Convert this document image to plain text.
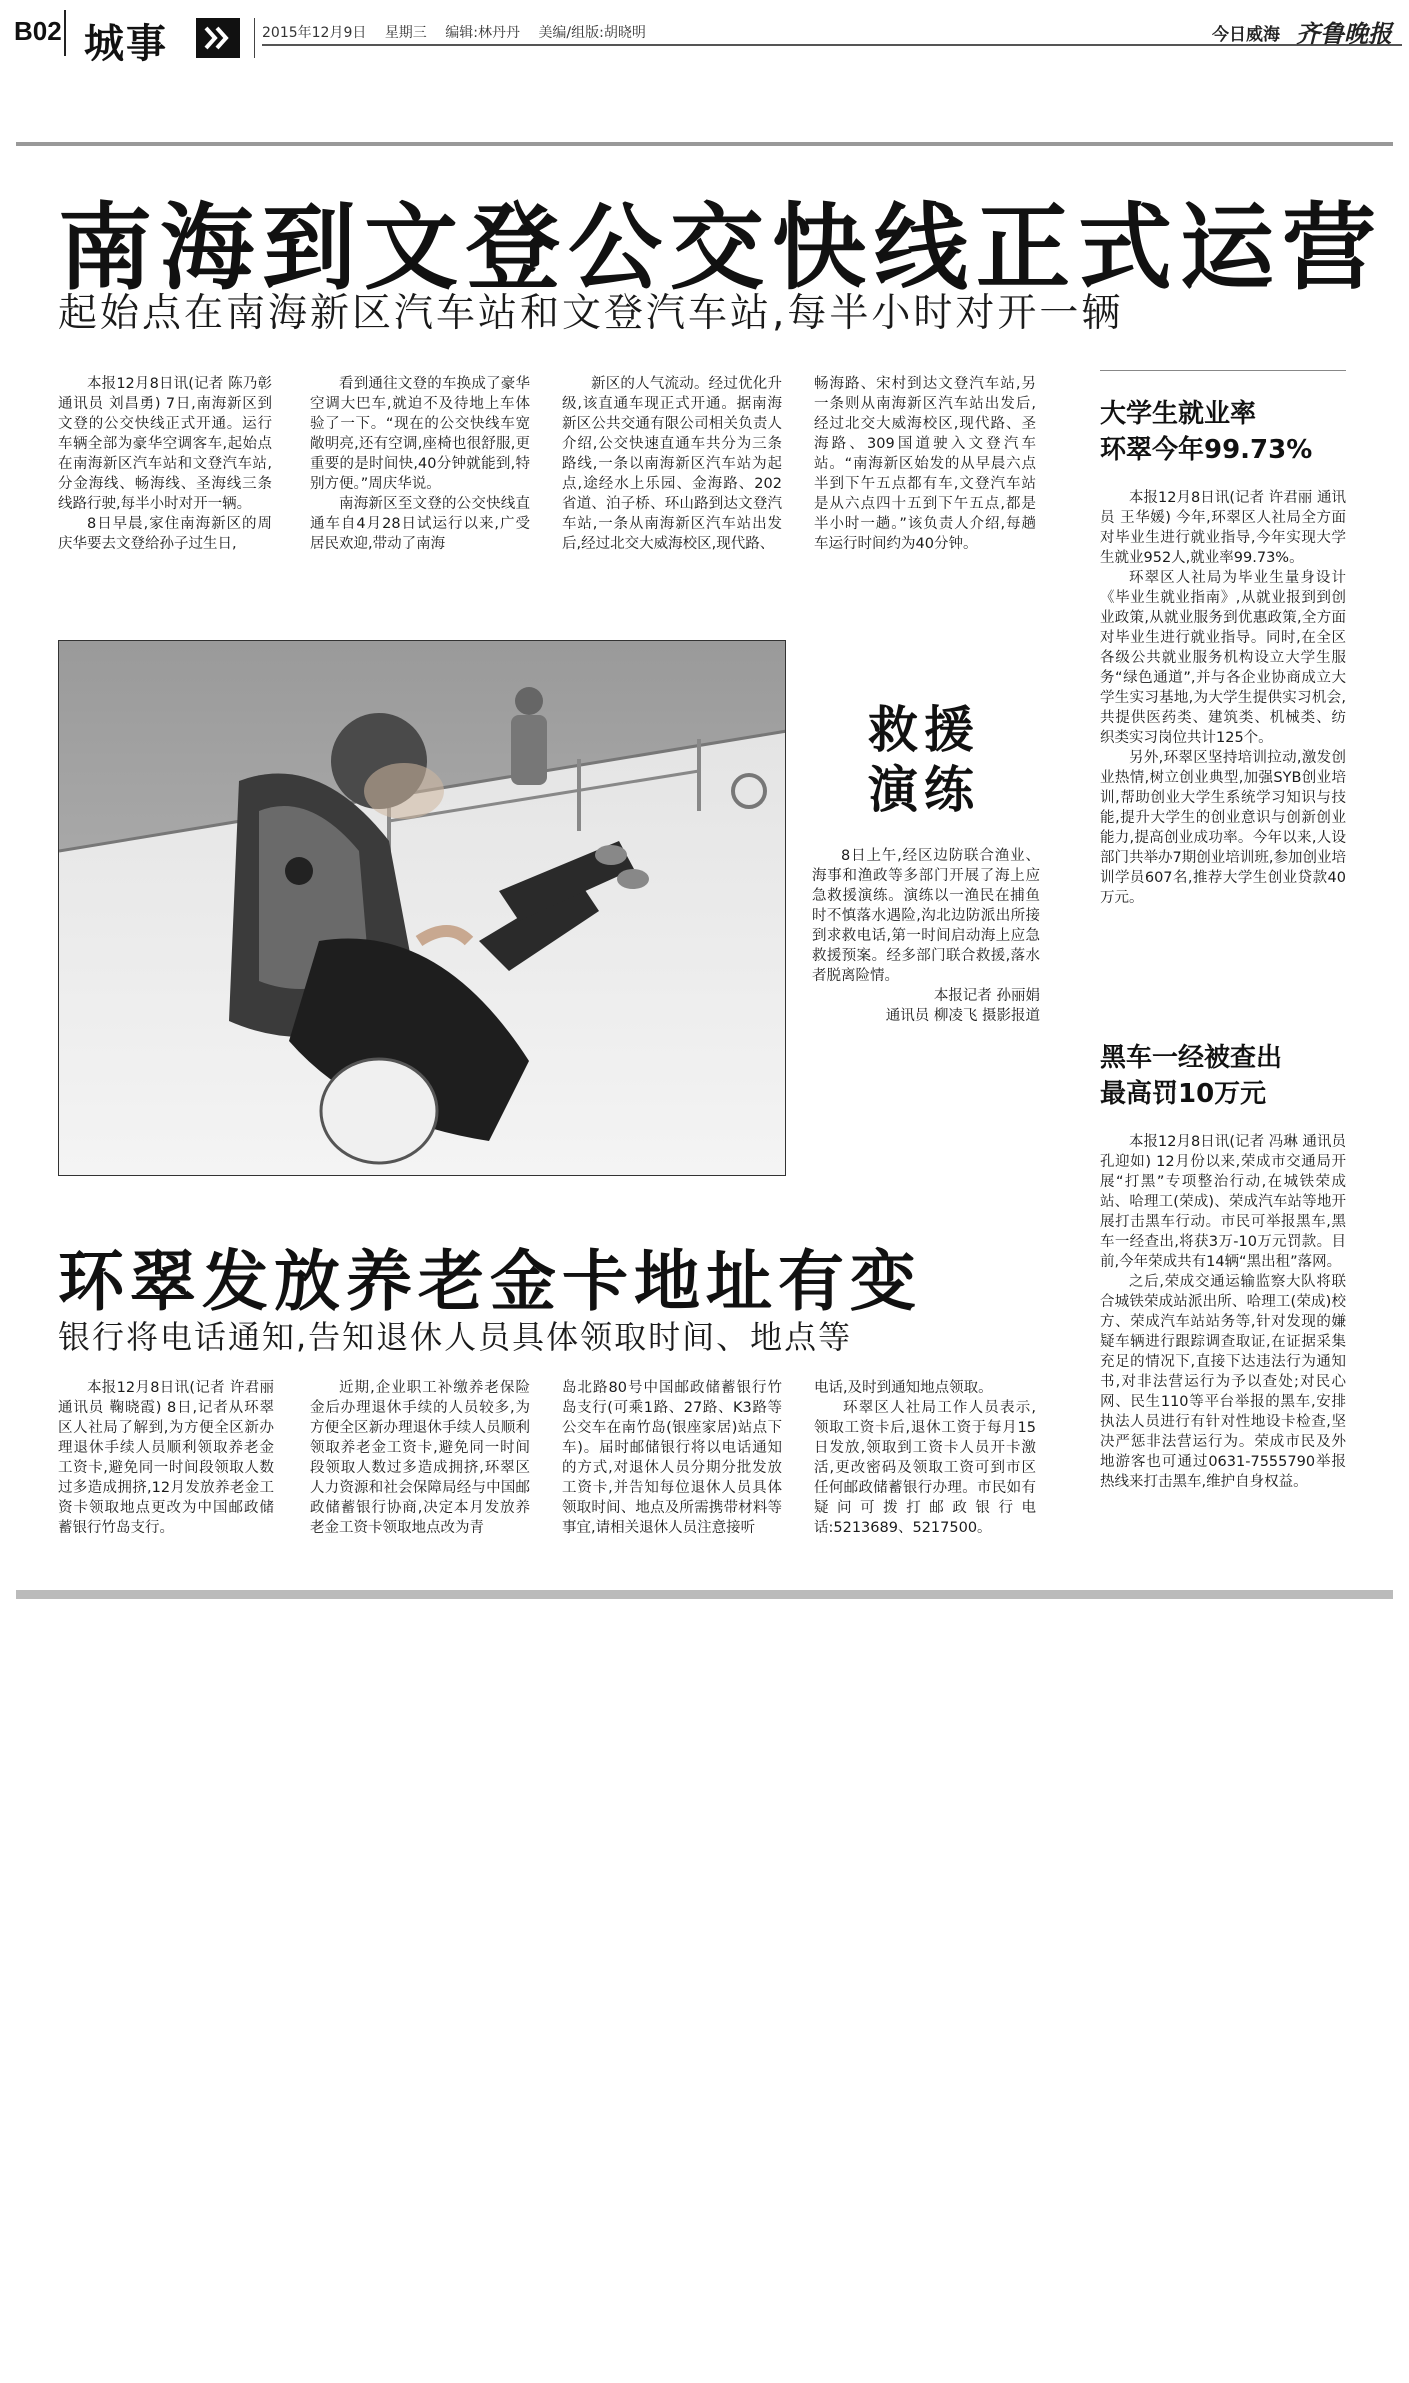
B02 城事	2015年12月9日 星期三 编辑:林丹丹 美编/组版:胡晓明	今日威海 齐鲁晚报
南海到文登公交快线正式运营
起始点在南海新区汽车站和文登汽车站,每半小时对开一辆

本报12月8日讯(记者 陈乃彰 通讯员 刘昌勇) 7日,南海新区到文登的公交快线正式开通。运行车辆全部为豪华空调客车,起始点在南海新区汽车站和文登汽车站,分金海线、畅海线、圣海线三条线路行驶,每半小时对开一辆。

8日早晨,家住南海新区的周庆华要去文登给孙子过生日,

看到通往文登的车换成了豪华空调大巴车,就迫不及待地上车体验了一下。“现在的公交快线车宽敞明亮,还有空调,座椅也很舒服,更重要的是时间快,40分钟就能到,特别方便。”周庆华说。

南海新区至文登的公交快线直通车自4月28日试运行以来,广受居民欢迎,带动了南海

新区的人气流动。经过优化升级,该直通车现正式开通。据南海新区公共交通有限公司相关负责人介绍,公交快速直通车共分为三条路线,一条以南海新区汽车站为起点,途经水上乐园、金海路、202省道、泊子桥、环山路到达文登汽车站,一条从南海新区汽车站出发后,经过北交大威海校区,现代路、

畅海路、宋村到达文登汽车站,另一条则从南海新区汽车站出发后,经过北交大威海校区,现代路、圣海路、309国道驶入文登汽车站。“南海新区始发的从早晨六点半到下午五点都有车,文登汽车站是从六点四十五到下午五点,都是半小时一趟。”该负责人介绍,每趟车运行时间约为40分钟。

救援
演练
8日上午,经区边防联合渔业、海事和渔政等多部门开展了海上应急救援演练。演练以一渔民在捕鱼时不慎落水遇险,沟北边防派出所接到求救电话,第一时间启动海上应急救援预案。经多部门联合救援,落水者脱离险情。
本报记者 孙丽娟
通讯员 柳凌飞 摄影报道
大学生就业率
环翠今年99.73%

本报12月8日讯(记者 许君丽 通讯员 王华媛) 今年,环翠区人社局全方面对毕业生进行就业指导,今年实现大学生就业952人,就业率99.73%。

环翠区人社局为毕业生量身设计《毕业生就业指南》,从就业报到到创业政策,从就业服务到优惠政策,全方面对毕业生进行就业指导。同时,在全区各级公共就业服务机构设立大学生服务“绿色通道”,并与各企业协商成立大学生实习基地,为大学生提供实习机会,共提供医药类、建筑类、机械类、纺织类实习岗位共计125个。

另外,环翠区坚持培训拉动,激发创业热情,树立创业典型,加强SYB创业培训,帮助创业大学生系统学习知识与技能,提升大学生的创业意识与创新创业能力,提高创业成功率。今年以来,人设部门共举办7期创业培训班,参加创业培训学员607名,推荐大学生创业贷款40万元。

黑车一经被查出
最高罚10万元

本报12月8日讯(记者 冯琳 通讯员 孔迎如) 12月份以来,荣成市交通局开展“打黑”专项整治行动,在城铁荣成站、哈理工(荣成)、荣成汽车站等地开展打击黑车行动。市民可举报黑车,黑车一经查出,将获3万-10万元罚款。目前,今年荣成共有14辆“黑出租”落网。

之后,荣成交通运输监察大队将联合城铁荣成站派出所、哈理工(荣成)校方、荣成汽车站站务等,针对发现的嫌疑车辆进行跟踪调查取证,在证据采集充足的情况下,直接下达违法行为通知书,对非法营运行为予以查处;对民心网、民生110等平台举报的黑车,安排执法人员进行有针对性地设卡检查,坚决严惩非法营运行为。荣成市民及外地游客也可通过0631-7555790举报热线来打击黑车,维护自身权益。

环翠发放养老金卡地址有变
银行将电话通知,告知退休人员具体领取时间、地点等

本报12月8日讯(记者 许君丽 通讯员 鞠晓霞) 8日,记者从环翠区人社局了解到,为方便全区新办理退休手续人员顺利领取养老金工资卡,避免同一时间段领取人数过多造成拥挤,12月发放养老金工资卡领取地点更改为中国邮政储蓄银行竹岛支行。

近期,企业职工补缴养老保险金后办理退休手续的人员较多,为方便全区新办理退休手续人员顺利领取养老金工资卡,避免同一时间段领取人数过多造成拥挤,环翠区人力资源和社会保障局经与中国邮政储蓄银行协商,决定本月发放养老金工资卡领取地点改为青

岛北路80号中国邮政储蓄银行竹岛支行(可乘1路、27路、K3路等公交车在南竹岛(银座家居)站点下车)。届时邮储银行将以电话通知的方式,对退休人员分期分批发放工资卡,并告知每位退休人员具体领取时间、地点及所需携带材料等事宜,请相关退休人员注意接听

电话,及时到通知地点领取。

环翠区人社局工作人员表示,领取工资卡后,退休工资于每月15日发放,领取到工资卡人员开卡激活,更改密码及领取工资可到市区任何邮政储蓄银行办理。市民如有疑问可拨打邮政银行电话:5213689、5217500。
